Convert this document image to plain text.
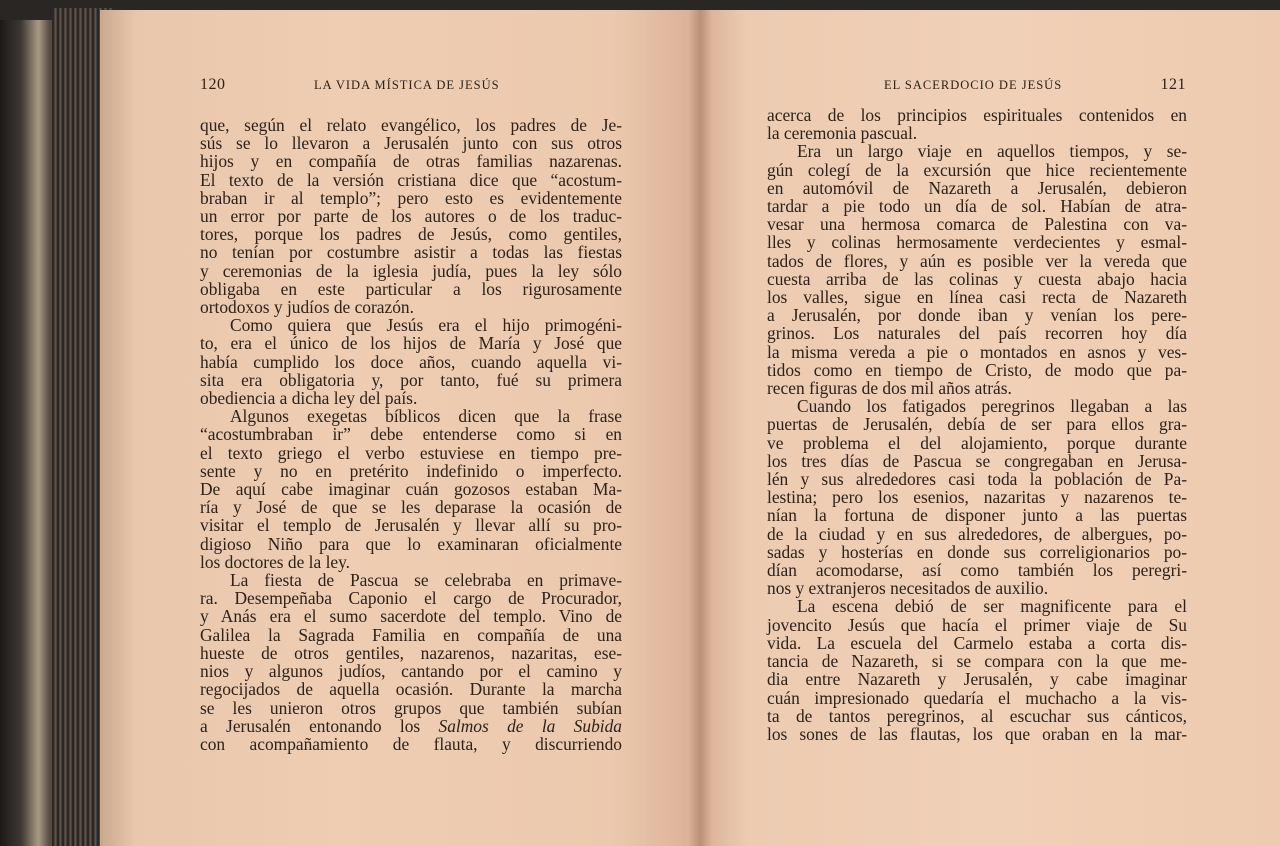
120	LA VIDA MÍSTICA DE JESÚS	EL SACERDOCIO DE JESÚS	121
que, según el relato evangélico, los padres de Je-
sús se lo llevaron a Jerusalén junto con sus otros
hijos y en compañía de otras familias nazarenas.
El texto de la versión cristiana dice que “acostum-
braban ir al templo”; pero esto es evidentemente
un error por parte de los autores o de los traduc-
tores, porque los padres de Jesús, como gentiles,
no tenían por costumbre asistir a todas las fiestas
y ceremonias de la iglesia judía, pues la ley sólo
obligaba en este particular a los rigurosamente
ortodoxos y judíos de corazón.
Como quiera que Jesús era el hijo primogéni-
to, era el único de los hijos de María y José que
había cumplido los doce años, cuando aquella vi-
sita era obligatoria y, por tanto, fué su primera
obediencia a dicha ley del país.
Algunos exegetas bíblicos dicen que la frase
“acostumbraban ir” debe entenderse como si en
el texto griego el verbo estuviese en tiempo pre-
sente y no en pretérito indefinido o imperfecto.
De aquí cabe imaginar cuán gozosos estaban Ma-
ría y José de que se les deparase la ocasión de
visitar el templo de Jerusalén y llevar allí su pro-
digioso Niño para que lo examinaran oficialmente
los doctores de la ley.
La fiesta de Pascua se celebraba en primave-
ra. Desempeñaba Caponio el cargo de Procurador,
y Anás era el sumo sacerdote del templo. Vino de
Galilea la Sagrada Familia en compañía de una
hueste de otros gentiles, nazarenos, nazaritas, ese-
nios y algunos judíos, cantando por el camino y
regocijados de aquella ocasión. Durante la marcha
se les unieron otros grupos que también subían
a Jerusalén entonando los Salmos de la Subida
con acompañamiento de flauta, y discurriendo
acerca de los principios espirituales contenidos en
la ceremonia pascual.
Era un largo viaje en aquellos tiempos, y se-
gún colegí de la excursión que hice recientemente
en automóvil de Nazareth a Jerusalén, debieron
tardar a pie todo un día de sol. Habían de atra-
vesar una hermosa comarca de Palestina con va-
lles y colinas hermosamente verdecientes y esmal-
tados de flores, y aún es posible ver la vereda que
cuesta arriba de las colinas y cuesta abajo hacia
los valles, sigue en línea casi recta de Nazareth
a Jerusalén, por donde iban y venían los pere-
grinos. Los naturales del país recorren hoy día
la misma vereda a pie o montados en asnos y ves-
tidos como en tiempo de Cristo, de modo que pa-
recen figuras de dos mil años atrás.
Cuando los fatigados peregrinos llegaban a las
puertas de Jerusalén, debía de ser para ellos gra-
ve problema el del alojamiento, porque durante
los tres días de Pascua se congregaban en Jerusa-
lén y sus alrededores casi toda la población de Pa-
lestina; pero los esenios, nazaritas y nazarenos te-
nían la fortuna de disponer junto a las puertas
de la ciudad y en sus alrededores, de albergues, po-
sadas y hosterías en donde sus correligionarios po-
dían acomodarse, así como también los peregri-
nos y extranjeros necesitados de auxilio.
La escena debió de ser magnificente para el
jovencito Jesús que hacía el primer viaje de Su
vida. La escuela del Carmelo estaba a corta dis-
tancia de Nazareth, si se compara con la que me-
dia entre Nazareth y Jerusalén, y cabe imaginar
cuán impresionado quedaría el muchacho a la vis-
ta de tantos peregrinos, al escuchar sus cánticos,
los sones de las flautas, los que oraban en la mar-
